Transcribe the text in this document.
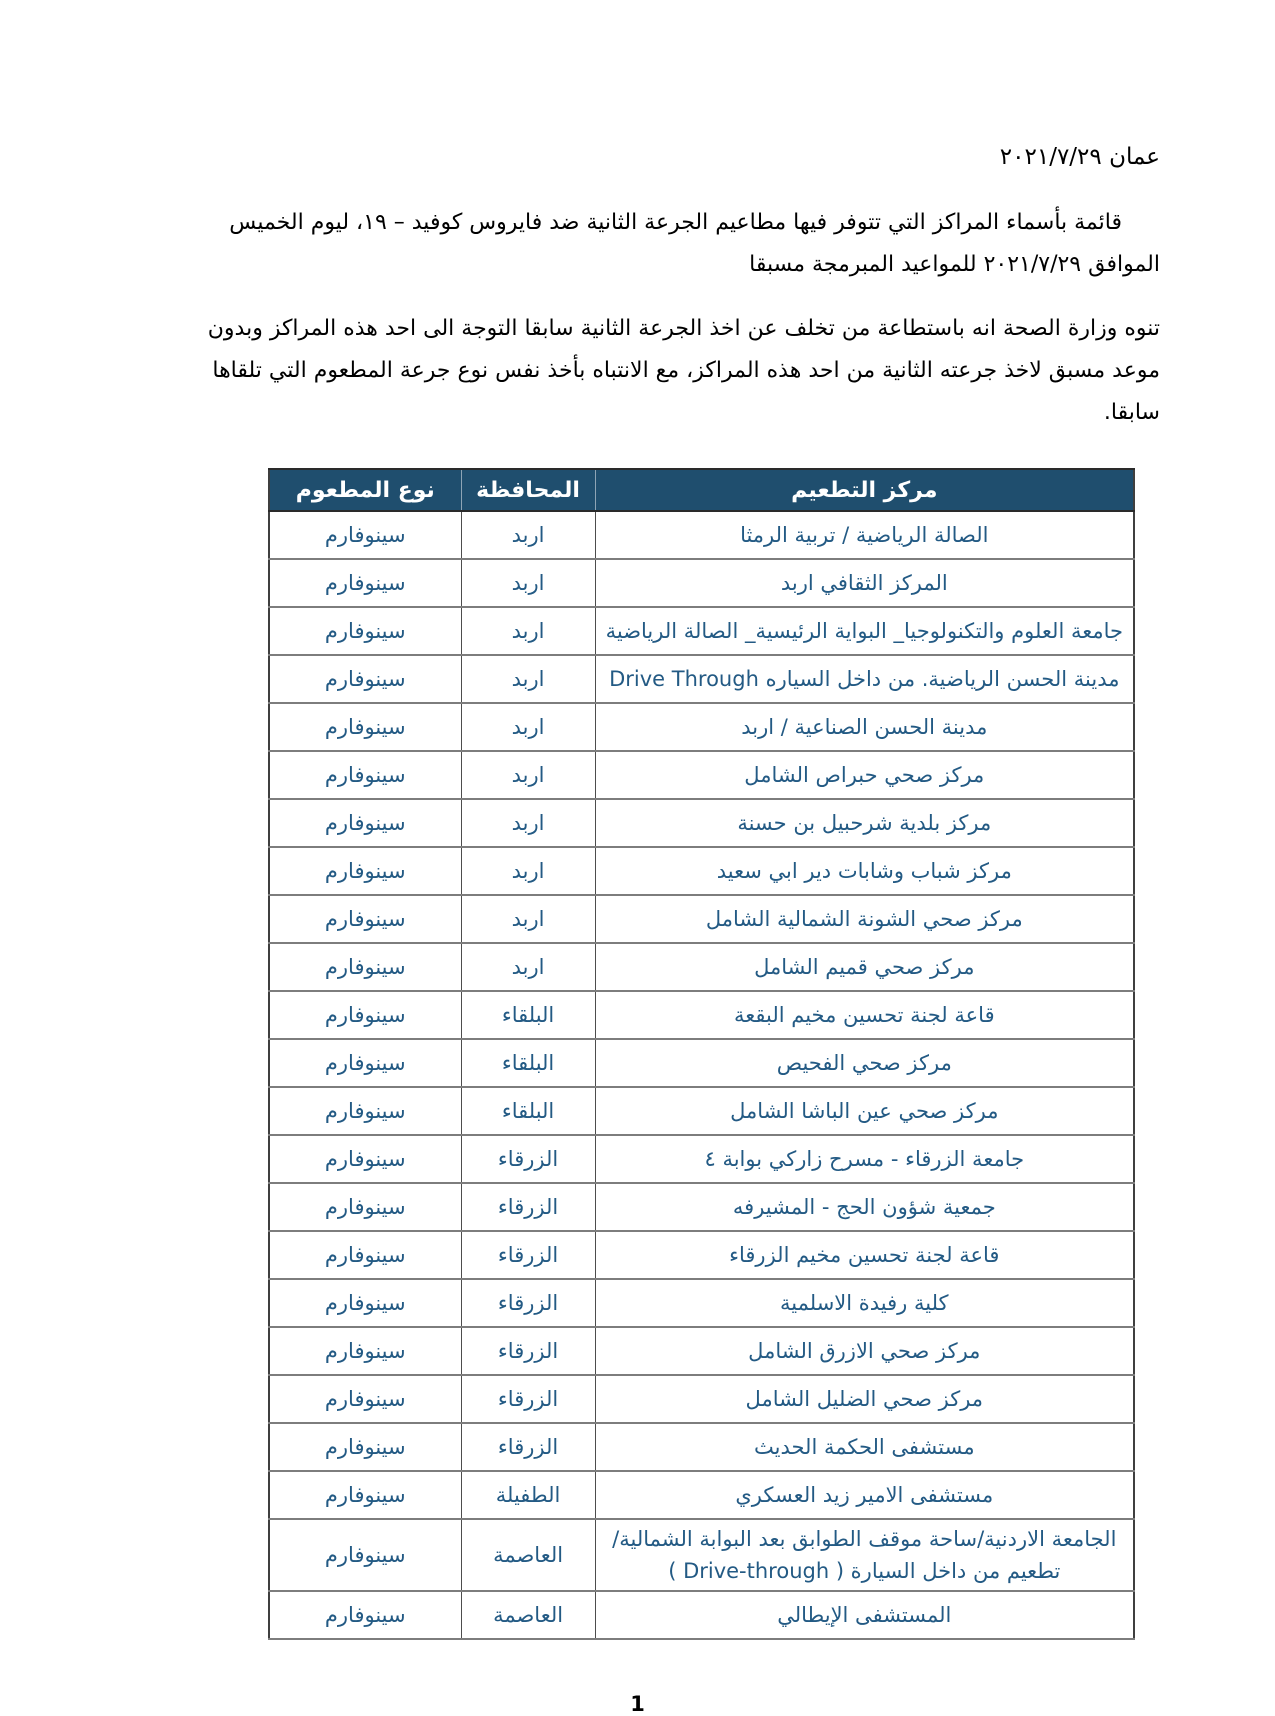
عمان ٢٠٢١/٧/٢٩

قائمة بأسماء المراكز التي تتوفر فيها مطاعيم الجرعة الثانية ضد فايروس كوفيد – ١٩، ليوم الخميس الموافق ٢٠٢١/٧/٢٩ للمواعيد المبرمجة مسبقا

تنوه وزارة الصحة انه باستطاعة من تخلف عن اخذ الجرعة الثانية سابقا التوجة الى احد هذه المراكز وبدون موعد مسبق لاخذ جرعته الثانية من احد هذه المراكز، مع الانتباه بأخذ نفس نوع جرعة المطعوم التي تلقاها سابقا.

مركز التطعيم	المحافظة	نوع المطعوم
الصالة الرياضية / تربية الرمثا	اربد	سينوفارم
المركز الثقافي اربد	اربد	سينوفارم
جامعة العلوم والتكنولوجيا_ البواية الرئيسية_ الصالة الرياضية	اربد	سينوفارم
مدينة الحسن الرياضية. من داخل السياره Drive Through	اربد	سينوفارم
مدينة الحسن الصناعية / اربد	اربد	سينوفارم
مركز صحي حبراص الشامل	اربد	سينوفارم
مركز بلدية شرحبيل بن حسنة	اربد	سينوفارم
مركز شباب وشابات دير ابي سعيد	اربد	سينوفارم
مركز صحي الشونة الشمالية الشامل	اربد	سينوفارم
مركز صحي قميم الشامل	اربد	سينوفارم
قاعة لجنة تحسين مخيم البقعة	البلقاء	سينوفارم
مركز صحي الفحيص	البلقاء	سينوفارم
مركز صحي عين الباشا الشامل	البلقاء	سينوفارم
جامعة الزرقاء - مسرح زاركي بوابة ٤	الزرقاء	سينوفارم
جمعية شؤون الحج - المشيرفه	الزرقاء	سينوفارم
قاعة لجنة تحسين مخيم الزرقاء	الزرقاء	سينوفارم
كلية رفيدة الاسلمية	الزرقاء	سينوفارم
مركز صحي الازرق الشامل	الزرقاء	سينوفارم
مركز صحي الضليل الشامل	الزرقاء	سينوفارم
مستشفى الحكمة الحديث	الزرقاء	سينوفارم
مستشفى الامير زيد العسكري	الطفيلة	سينوفارم
الجامعة الاردنية/ساحة موقف الطوابق بعد البوابة الشمالية/تطعيم من داخل السيارة ( Drive-through )	العاصمة	سينوفارم
المستشفى الإيطالي	العاصمة	سينوفارم
1
